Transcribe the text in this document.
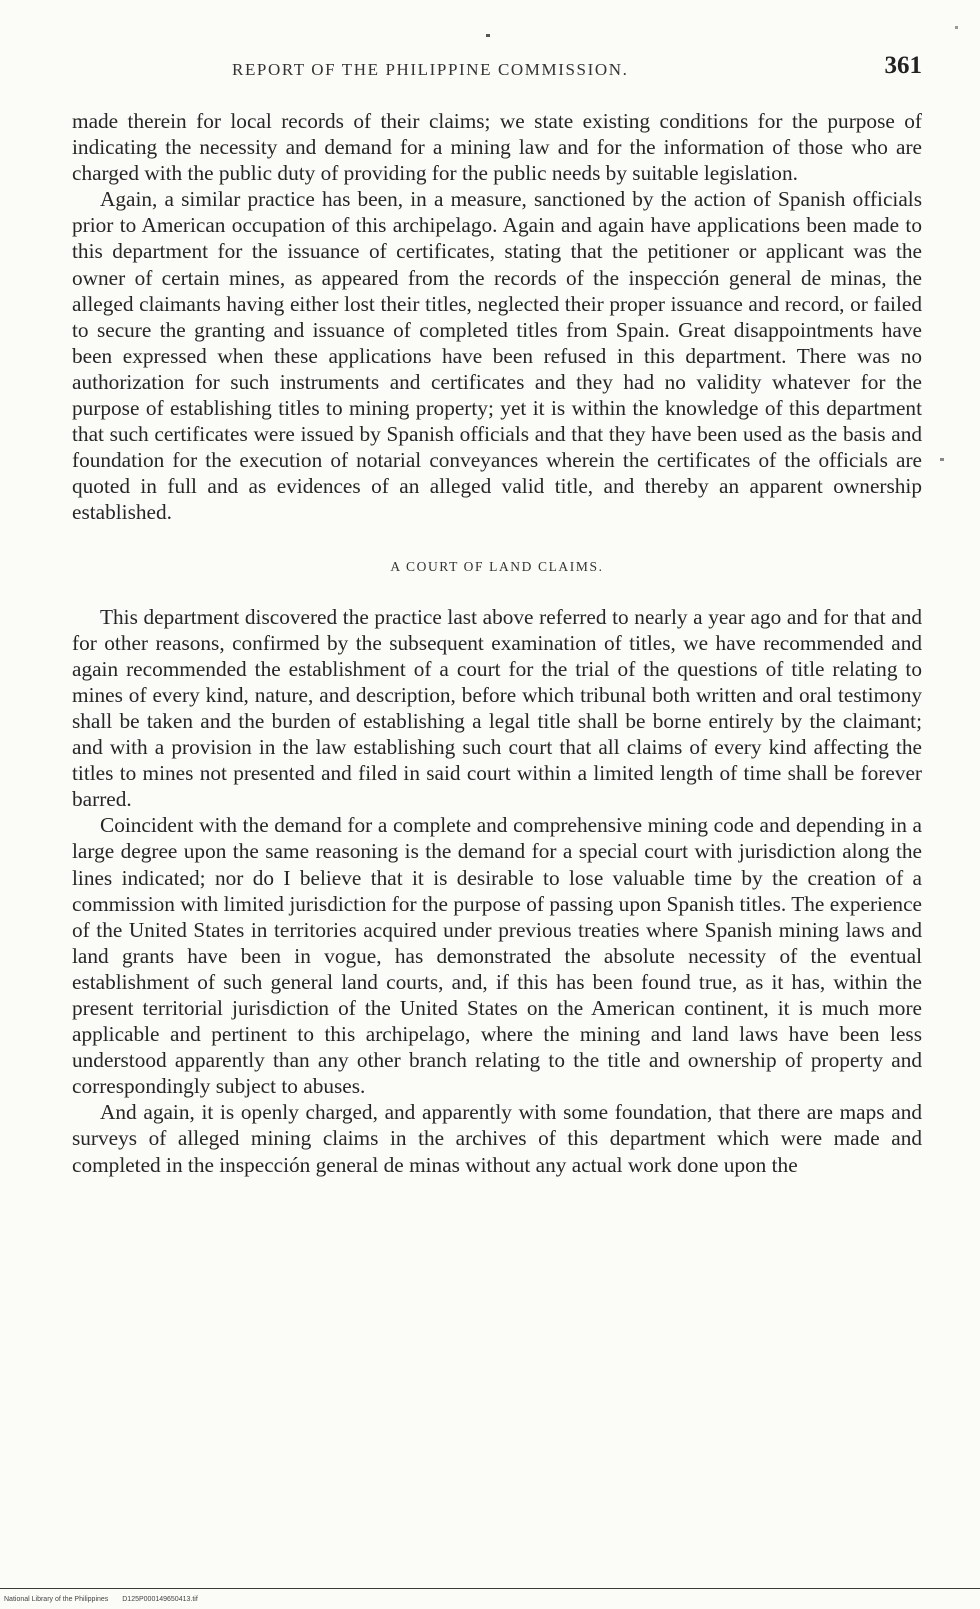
REPORT OF THE PHILIPPINE COMMISSION.	361

made therein for local records of their claims; we state existing conditions for the purpose of indicating the necessity and demand for a mining law and for the information of those who are charged with the public duty of providing for the public needs by suitable legislation.

Again, a similar practice has been, in a measure, sanctioned by the action of Spanish officials prior to American occupation of this archipelago. Again and again have applications been made to this department for the issuance of certificates, stating that the petitioner or applicant was the owner of certain mines, as appeared from the records of the inspección general de minas, the alleged claimants having either lost their titles, neglected their proper issuance and record, or failed to secure the granting and issuance of completed titles from Spain. Great disappointments have been expressed when these applications have been refused in this department. There was no authorization for such instruments and certificates and they had no validity whatever for the purpose of establishing titles to mining property; yet it is within the knowledge of this department that such certificates were issued by Spanish officials and that they have been used as the basis and foundation for the execution of notarial conveyances wherein the certificates of the officials are quoted in full and as evidences of an alleged valid title, and thereby an apparent ownership established.

A COURT OF LAND CLAIMS.

This department discovered the practice last above referred to nearly a year ago and for that and for other reasons, confirmed by the subsequent examination of titles, we have recommended and again recommended the establishment of a court for the trial of the questions of title relating to mines of every kind, nature, and description, before which tribunal both written and oral testimony shall be taken and the burden of establishing a legal title shall be borne entirely by the claimant; and with a provision in the law establishing such court that all claims of every kind affecting the titles to mines not presented and filed in said court within a limited length of time shall be forever barred.

Coincident with the demand for a complete and comprehensive mining code and depending in a large degree upon the same reasoning is the demand for a special court with jurisdiction along the lines indicated; nor do I believe that it is desirable to lose valuable time by the creation of a commission with limited jurisdiction for the purpose of passing upon Spanish titles. The experience of the United States in territories acquired under previous treaties where Spanish mining laws and land grants have been in vogue, has demonstrated the absolute necessity of the eventual establishment of such general land courts, and, if this has been found true, as it has, within the present territorial jurisdiction of the United States on the American continent, it is much more applicable and pertinent to this archipelago, where the mining and land laws have been less understood apparently than any other branch relating to the title and ownership of property and correspondingly subject to abuses.

And again, it is openly charged, and apparently with some foundation, that there are maps and surveys of alleged mining claims in the archives of this department which were made and completed in the inspección general de minas without any actual work done upon the

National Library of the Philippines D125P000149650413.tif
